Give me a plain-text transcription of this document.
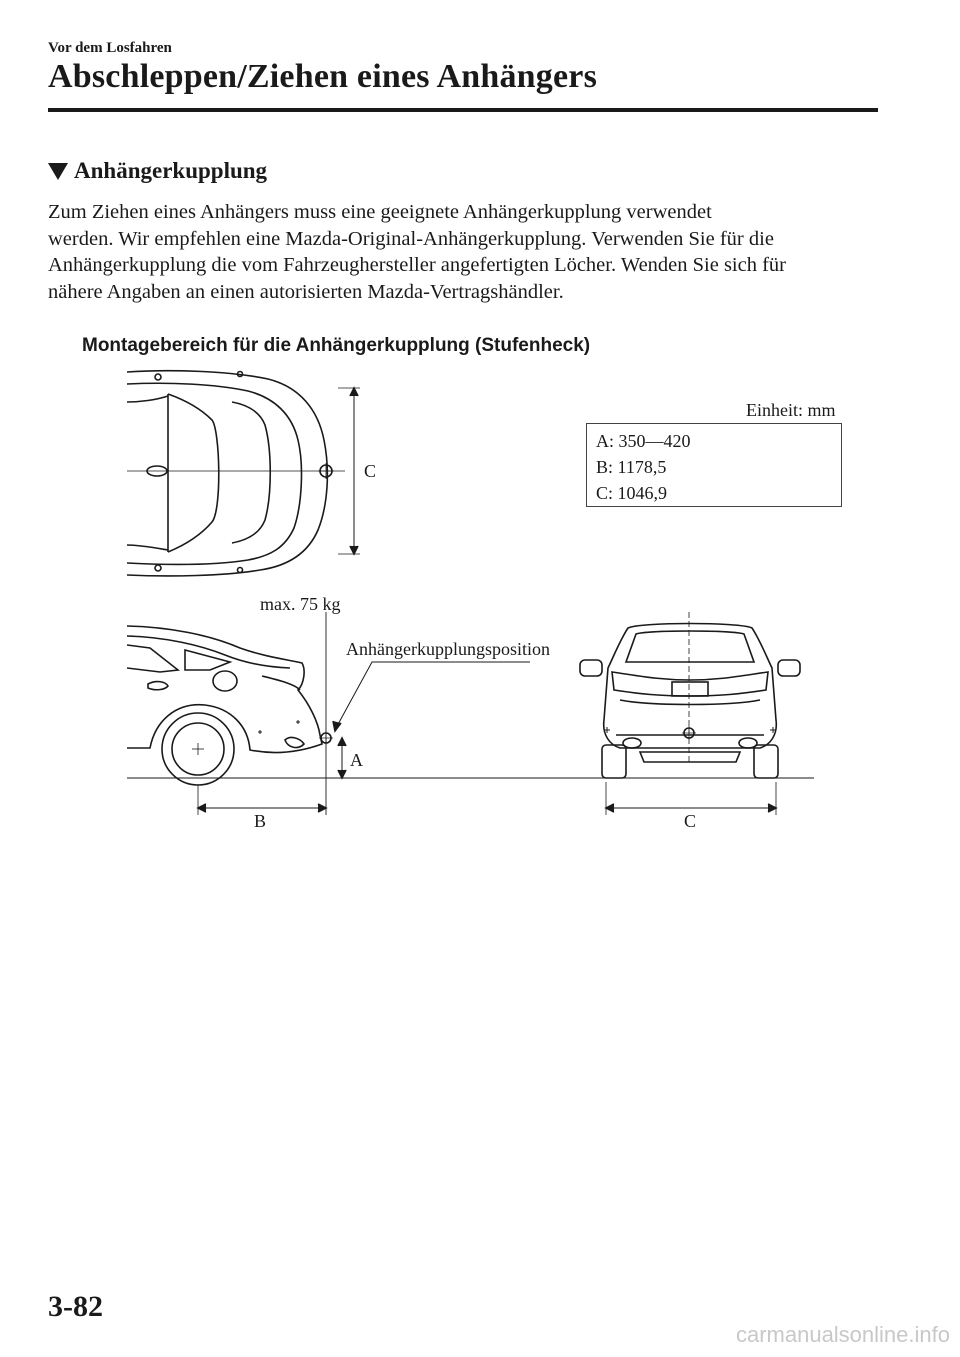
Vor dem Losfahren
Abschleppen/Ziehen eines Anhängers
Anhängerkupplung
Zum Ziehen eines Anhängers muss eine geeignete Anhängerkupplung verwendet
werden. Wir empfehlen eine Mazda-Original-Anhängerkupplung. Verwenden Sie für die
Anhängerkupplung die vom Fahrzeughersteller angefertigten Löcher. Wenden Sie sich für
nähere Angaben an einen autorisierten Mazda-Vertragshändler.
Montagebereich für die Anhängerkupplung (Stufenheck)
Einheit: mm
A: 350—420
B: 1178,5
C: 1046,9
C
max. 75 kg
Anhängerkupplungsposition
A
B	C
3-82
carmanualsonline.info
